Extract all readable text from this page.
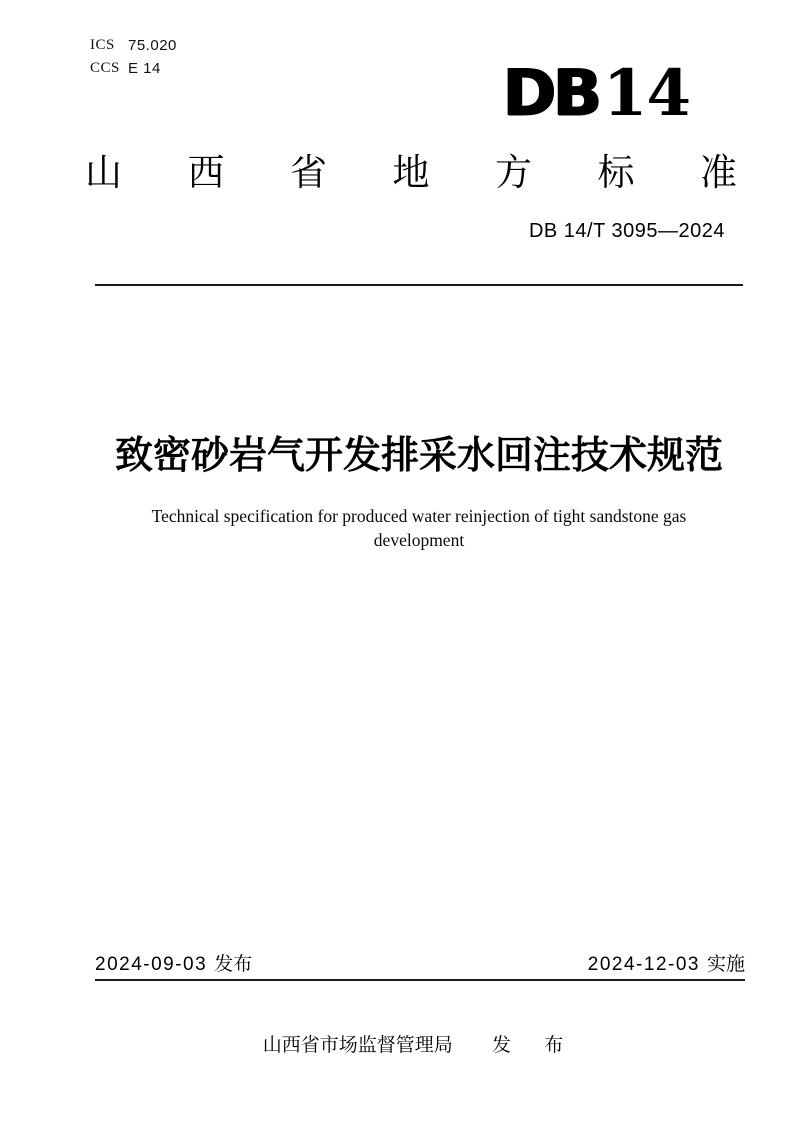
ICS 75.020
CCS E 14	DB 14
山 西 省 地 方 标 准
DB 14/T 3095—2024
致密砂岩气开发排采水回注技术规范
Technical specification for produced water reinjection of tight sandstone gas
development
2024-09-03 发布	2024-12-03 实施
山西省市场监督管理局 发 布
